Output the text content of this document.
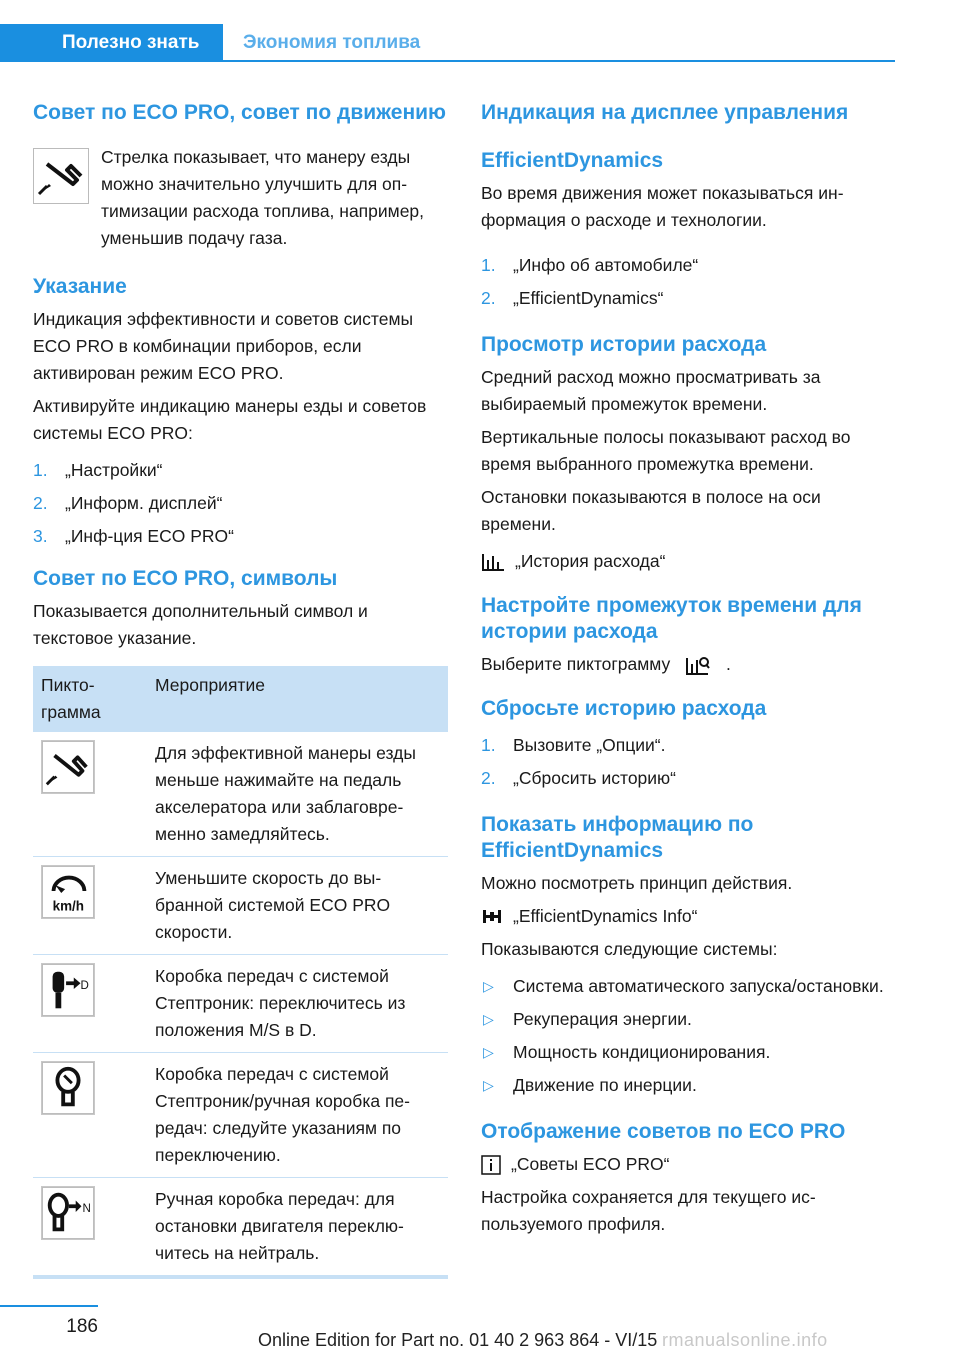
Полезно знать	Экономия топлива
Совет по ECO PRO, совет по движению
Стрелка показывает, что манеру езды можно значительно улучшить для оптимизации расхода топлива, например, уменьшив подачу газа.
Указание

Индикация эффективности и советов системы ECO PRO в комбинации приборов, если активирован режим ECO PRO.

Активируйте индикацию манеры езды и советов системы ECO PRO:

1. „Настройки“
2. „Информ. дисплей“
3. „Инф-ция ECO PRO“
Совет по ECO PRO, символы

Показывается дополнительный символ и текстовое указание.

Пиктограмма	Мероприятие

	Для эффективной манеры езды меньше нажимайте на педаль акселератора или заблаговременно замедляйтесь.

km/h	Уменьшите скорость до выбранной системой ECO PRO скорости.

D	Коробка передач с системой Стептроник: переключитесь из положения M/S в D.

	Коробка передач с системой Стептроник/ручная коробка передач: следуйте указаниям по переключению.

N	Ручная коробка передач: для остановки двигателя переключитесь на нейтраль.
Индикация на дисплее управления
EfficientDynamics

Во время движения может показываться информация о расходе и технологии.

1. „Инфо об автомобиле“
2. „EfficientDynamics“
Просмотр истории расхода

Средний расход можно просматривать за выбираемый промежуток времени.

Вертикальные полосы показывают расход во время выбранного промежутка времени.

Остановки показываются в полосе на оси времени.

„История расхода“
Настройте промежуток времени для истории расхода
Выберите пиктограмму	.
Сбросьте историю расхода
1. Вызовите „Опции“.
2. „Сбросить историю“
Показать информацию по EfficientDynamics

Можно посмотреть принцип действия.

„EfficientDynamics Info“

Показываются следующие системы:

▷ Система автоматического запуска/остановки.
▷ Рекуперация энергии.
▷ Мощность кондиционирования.
▷ Движение по инерции.
Отображение советов по ECO PRO
„Советы ECO PRO“

Настройка сохраняется для текущего используемого профиля.

186
Online Edition for Part no. 01 40 2 963 864 - VI/15 rmanualsonline.info
